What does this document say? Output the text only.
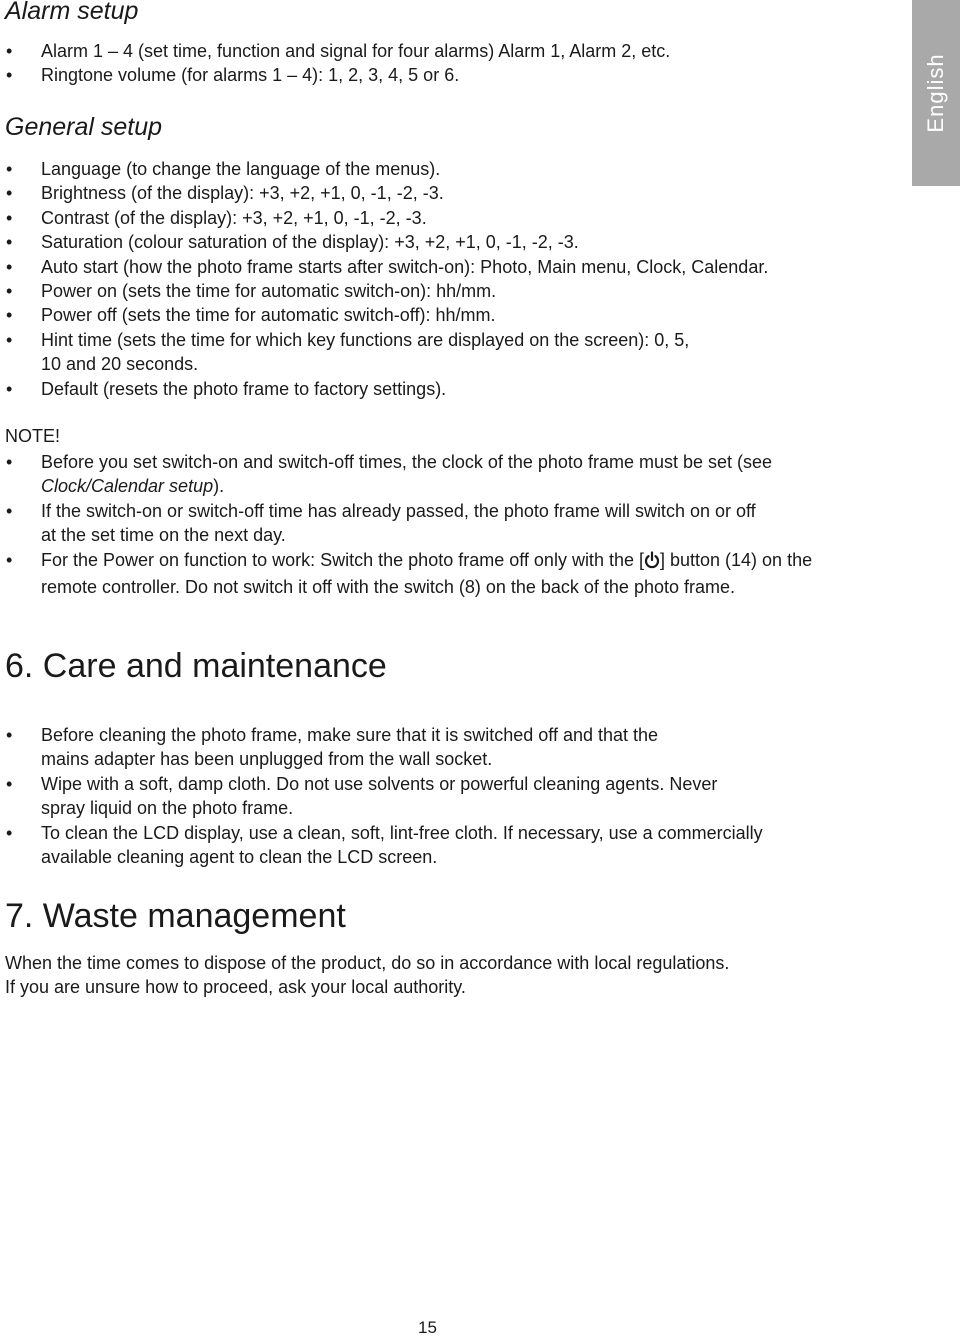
English
Alarm setup
• Alarm 1 – 4 (set time, function and signal for four alarms) Alarm 1, Alarm 2, etc.
• Ringtone volume (for alarms 1 – 4): 1, 2, 3, 4, 5 or 6.
General setup
• Language (to change the language of the menus).
• Brightness (of the display): +3, +2, +1, 0, -1, -2, -3.
• Contrast (of the display): +3, +2, +1, 0, -1, -2, -3.
• Saturation (colour saturation of the display): +3, +2, +1, 0, -1, -2, -3.
• Auto start (how the photo frame starts after switch-on): Photo, Main menu, Clock, Calendar.
• Power on (sets the time for automatic switch-on): hh/mm.
• Power off (sets the time for automatic switch-off): hh/mm.
• Hint time (sets the time for which key functions are displayed on the screen): 0, 5, 10 and 20 seconds.
• Default (resets the photo frame to factory settings).
NOTE!
• Before you set switch-on and switch-off times, the clock of the photo frame must be set (see Clock/Calendar setup).
• If the switch-on or switch-off time has already passed, the photo frame will switch on or off at the set time on the next day.
• For the Power on function to work: Switch the photo frame off only with the [ ] button (14) on the remote controller. Do not switch it off with the switch (8) on the back of the photo frame.
6. Care and maintenance
• Before cleaning the photo frame, make sure that it is switched off and that the mains adapter has been unplugged from the wall socket.
• Wipe with a soft, damp cloth. Do not use solvents or powerful cleaning agents. Never spray liquid on the photo frame.
• To clean the LCD display, use a clean, soft, lint-free cloth. If necessary, use a commercially available cleaning agent to clean the LCD screen.
7. Waste management
When the time comes to dispose of the product, do so in accordance with local regulations.
If you are unsure how to proceed, ask your local authority.
15
